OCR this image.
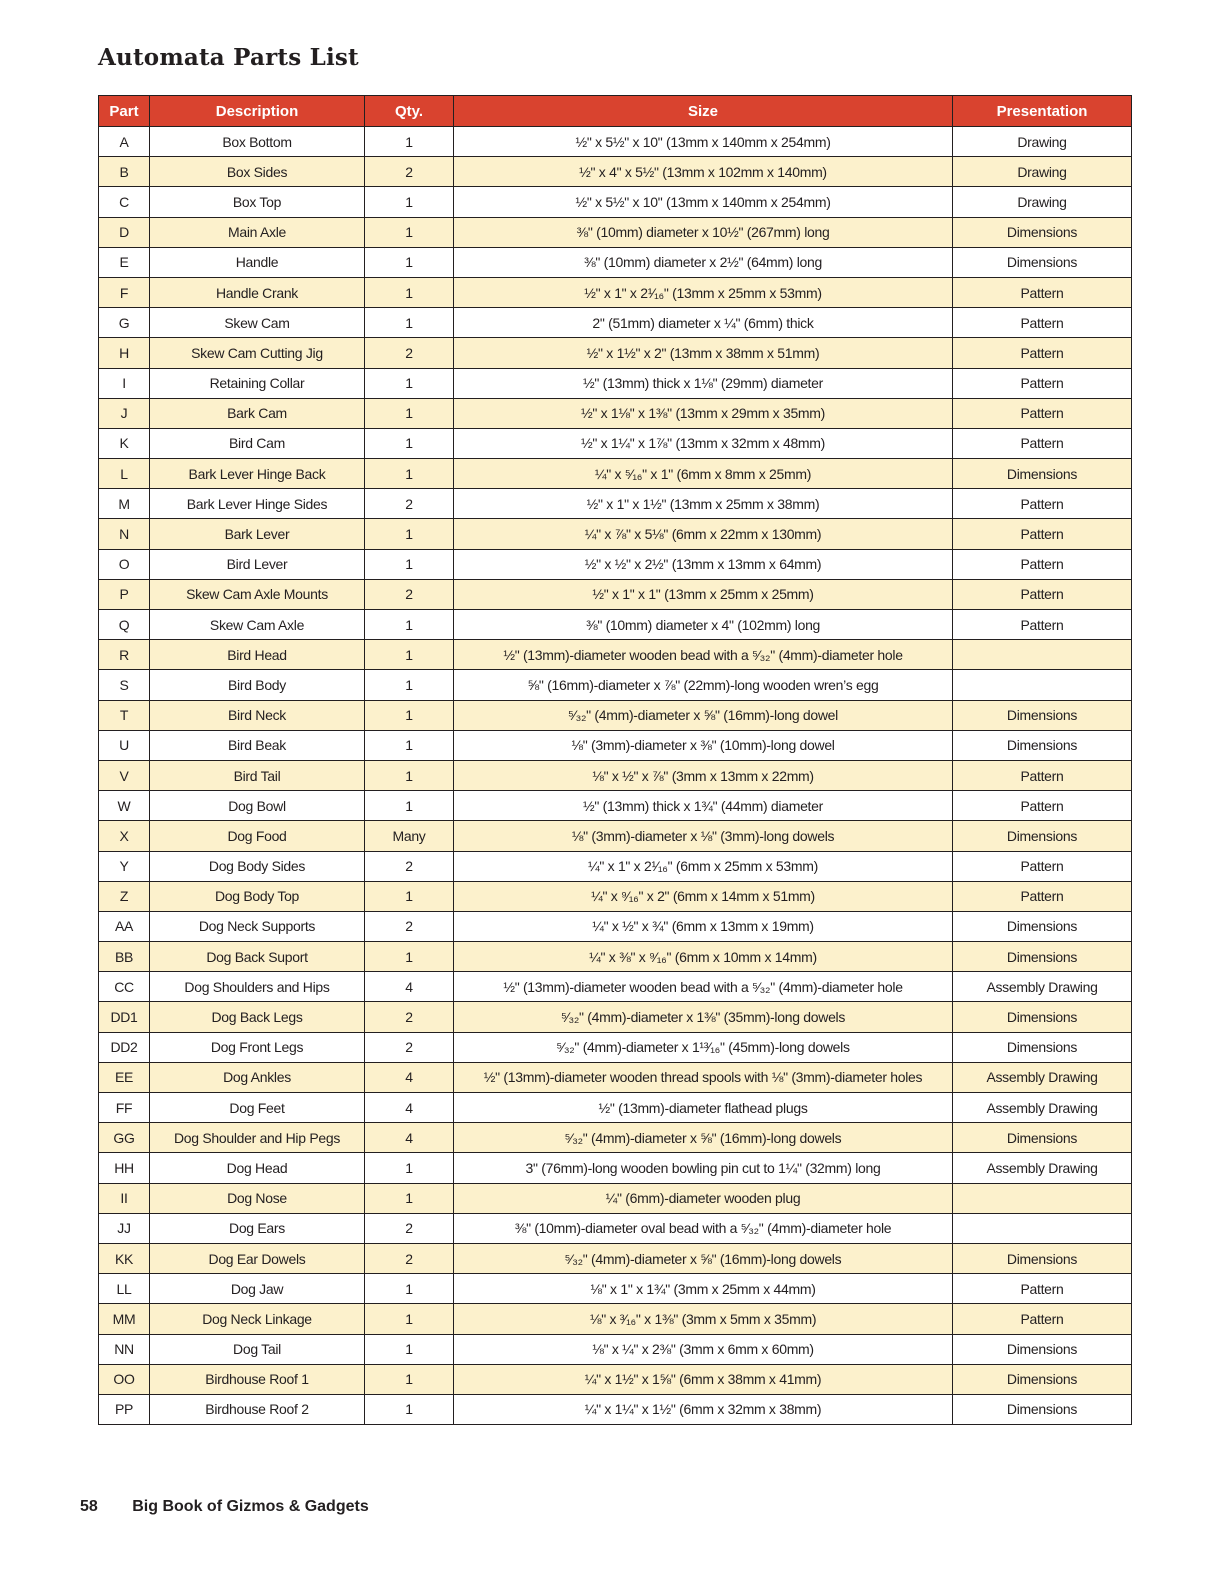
Automata Parts List
Part	Description	Qty.	Size	Presentation
A	Box Bottom	1	½" x 5½" x 10" (13mm x 140mm x 254mm)	Drawing
B	Box Sides	2	½" x 4" x 5½" (13mm x 102mm x 140mm)	Drawing
C	Box Top	1	½" x 5½" x 10" (13mm x 140mm x 254mm)	Drawing
D	Main Axle	1	⅜" (10mm) diameter x 10½" (267mm) long	Dimensions
E	Handle	1	⅜" (10mm) diameter x 2½" (64mm) long	Dimensions
F	Handle Crank	1	½" x 1" x 2¹⁄₁₆" (13mm x 25mm x 53mm)	Pattern
G	Skew Cam	1	2" (51mm) diameter x ¼" (6mm) thick	Pattern
H	Skew Cam Cutting Jig	2	½" x 1½" x 2" (13mm x 38mm x 51mm)	Pattern
I	Retaining Collar	1	½" (13mm) thick x 1⅛" (29mm) diameter	Pattern
J	Bark Cam	1	½" x 1⅛" x 1⅜" (13mm x 29mm x 35mm)	Pattern
K	Bird Cam	1	½" x 1¼" x 1⅞" (13mm x 32mm x 48mm)	Pattern
L	Bark Lever Hinge Back	1	¼" x ⁵⁄₁₆" x 1" (6mm x 8mm x 25mm)	Dimensions
M	Bark Lever Hinge Sides	2	½" x 1" x 1½" (13mm x 25mm x 38mm)	Pattern
N	Bark Lever	1	¼" x ⅞" x 5⅛" (6mm x 22mm x 130mm)	Pattern
O	Bird Lever	1	½" x ½" x 2½" (13mm x 13mm x 64mm)	Pattern
P	Skew Cam Axle Mounts	2	½" x 1" x 1" (13mm x 25mm x 25mm)	Pattern
Q	Skew Cam Axle	1	⅜" (10mm) diameter x 4" (102mm) long	Pattern
R	Bird Head	1	½" (13mm)-diameter wooden bead with a ⁵⁄₃₂" (4mm)-diameter hole	
S	Bird Body	1	⅝" (16mm)-diameter x ⅞" (22mm)-long wooden wren’s egg	
T	Bird Neck	1	⁵⁄₃₂" (4mm)-diameter x ⅝" (16mm)-long dowel	Dimensions
U	Bird Beak	1	⅛" (3mm)-diameter x ⅜" (10mm)-long dowel	Dimensions
V	Bird Tail	1	⅛" x ½" x ⅞" (3mm x 13mm x 22mm)	Pattern
W	Dog Bowl	1	½" (13mm) thick x 1¾" (44mm) diameter	Pattern
X	Dog Food	Many	⅛" (3mm)-diameter x ⅛" (3mm)-long dowels	Dimensions
Y	Dog Body Sides	2	¼" x 1" x 2¹⁄₁₆" (6mm x 25mm x 53mm)	Pattern
Z	Dog Body Top	1	¼" x ⁹⁄₁₆" x 2" (6mm x 14mm x 51mm)	Pattern
AA	Dog Neck Supports	2	¼" x ½" x ¾" (6mm x 13mm x 19mm)	Dimensions
BB	Dog Back Suport	1	¼" x ⅜" x ⁹⁄₁₆" (6mm x 10mm x 14mm)	Dimensions
CC	Dog Shoulders and Hips	4	½" (13mm)-diameter wooden bead with a ⁵⁄₃₂" (4mm)-diameter hole	Assembly Drawing
DD1	Dog Back Legs	2	⁵⁄₃₂" (4mm)-diameter x 1⅜" (35mm)-long dowels	Dimensions
DD2	Dog Front Legs	2	⁵⁄₃₂" (4mm)-diameter x 1¹³⁄₁₆" (45mm)-long dowels	Dimensions
EE	Dog Ankles	4	½" (13mm)-diameter wooden thread spools with ⅛" (3mm)-diameter holes	Assembly Drawing
FF	Dog Feet	4	½" (13mm)-diameter flathead plugs	Assembly Drawing
GG	Dog Shoulder and Hip Pegs	4	⁵⁄₃₂" (4mm)-diameter x ⅝" (16mm)-long dowels	Dimensions
HH	Dog Head	1	3" (76mm)-long wooden bowling pin cut to 1¼" (32mm) long	Assembly Drawing
II	Dog Nose	1	¼" (6mm)-diameter wooden plug	
JJ	Dog Ears	2	⅜" (10mm)-diameter oval bead with a ⁵⁄₃₂" (4mm)-diameter hole	
KK	Dog Ear Dowels	2	⁵⁄₃₂" (4mm)-diameter x ⅝" (16mm)-long dowels	Dimensions
LL	Dog Jaw	1	⅛" x 1" x 1¾" (3mm x 25mm x 44mm)	Pattern
MM	Dog Neck Linkage	1	⅛" x ³⁄₁₆" x 1⅜" (3mm x 5mm x 35mm)	Pattern
NN	Dog Tail	1	⅛" x ¼" x 2⅜" (3mm x 6mm x 60mm)	Dimensions
OO	Birdhouse Roof 1	1	¼" x 1½" x 1⅝" (6mm x 38mm x 41mm)	Dimensions
PP	Birdhouse Roof 2	1	¼" x 1¼" x 1½" (6mm x 32mm x 38mm)	Dimensions
58 Big Book of Gizmos & Gadgets
